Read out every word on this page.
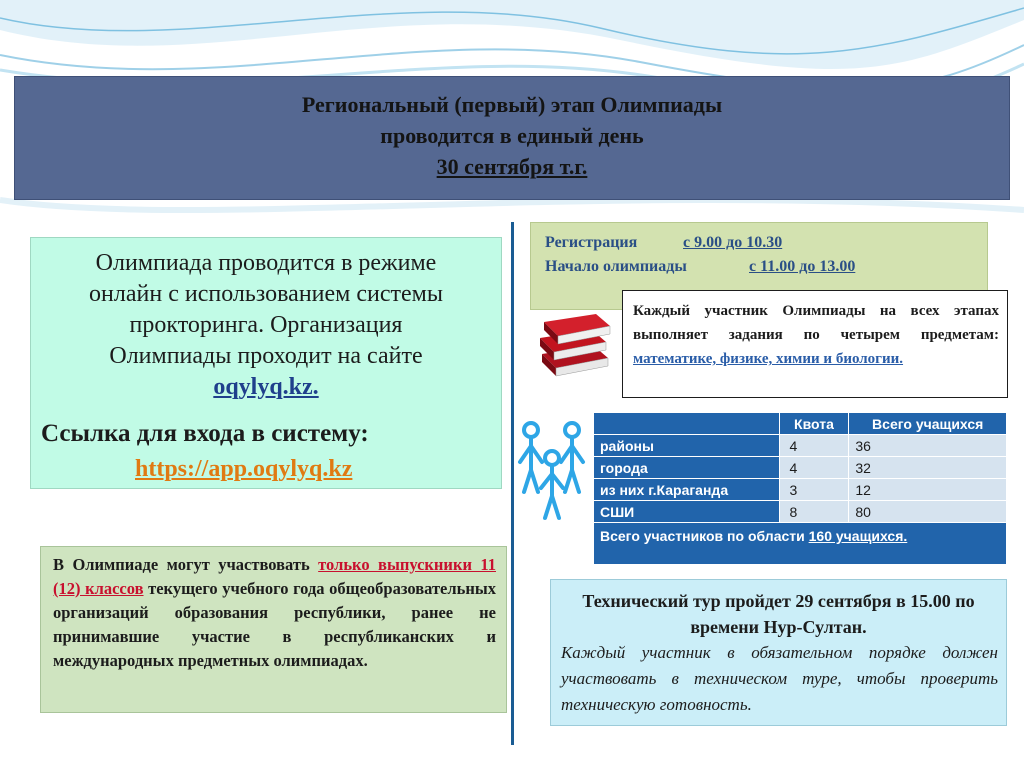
Региональный (первый) этап Олимпиады
проводится в единый день
30 сентября т.г.
Олимпиада проводится в режиме онлайн с использованием системы прокторинга. Организация Олимпиады проходит на сайте
oqylyq.kz.
Ссылка для входа в систему:
https://app.oqylyq.kz
В Олимпиаде могут участвовать только выпускники 11 (12) классов текущего учебного года общеобразовательных организаций образования республики, ранее не принимавшие участие в республиканских и международных предметных олимпиадах.
Регистрация	с 9.00 до 10.30
Начало олимпиады	с 11.00 до 13.00
Каждый участник Олимпиады на всех этапах выполняет задания по четырем предметам: математике, физике, химии и биологии.
	Квота	Всего учащихся
районы	4	36
города	4	32
из них г.Караганда	3	12
СШИ	8	80
Всего участников по области 160 учащихся.		
Технический тур пройдет 29 сентября в 15.00 по времени Нур-Султан.
Каждый участник в обязательном порядке должен участвовать в техническом туре, чтобы проверить техническую готовность.
